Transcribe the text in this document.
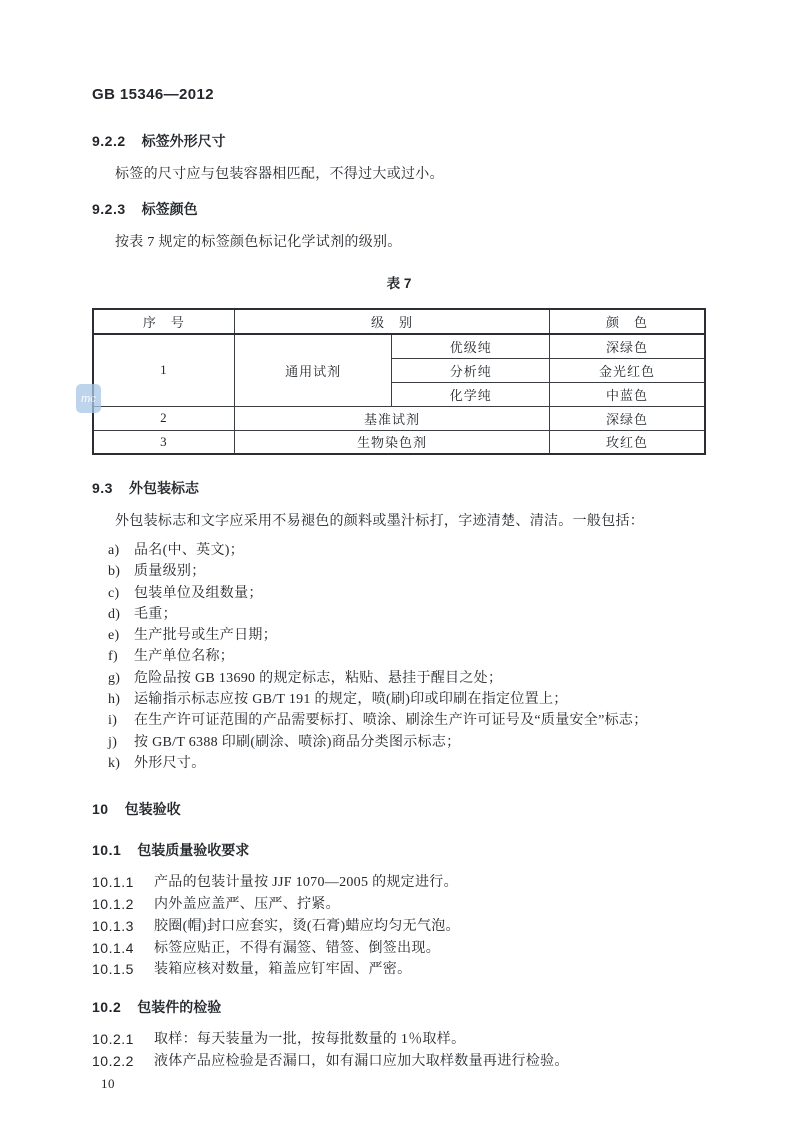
mc
GB 15346—2012
9.2.2 标签外形尺寸

标签的尺寸应与包装容器相匹配，不得过大或过小。

9.2.3 标签颜色

按表 7 规定的标签颜色标记化学试剂的级别。

表 7
序　号	级　别		颜　色
1	通用试剂	优级纯	深绿色
		分析纯	金光红色
		化学纯	中蓝色
2	基准试剂		深绿色
3	生物染色剂		玫红色
9.3 外包装标志

外包装标志和文字应采用不易褪色的颜料或墨汁标打，字迹清楚、清洁。一般包括：

a)	品名(中、英文)；
b) 质量级别；
c)	包装单位及组数量；
d) 毛重；
e)	生产批号或生产日期；
f)	生产单位名称；
g) 危险品按 GB 13690 的规定标志，粘贴、悬挂于醒目之处；
h) 运输指示标志应按 GB/T 191 的规定，喷(刷)印或印刷在指定位置上；
i)	在生产许可证范围的产品需要标打、喷涂、刷涂生产许可证号及“质量安全”标志；
j)	按 GB/T 6388 印刷(刷涂、喷涂)商品分类图示标志；
k) 外形尺寸。
10 包装验收
10.1 包装质量验收要求
10.1.1	产品的包装计量按 JJF 1070—2005 的规定进行。
10.1.2	内外盖应盖严、压严、拧紧。
10.1.3	胶圈(帽)封口应套实，烫(石膏)蜡应均匀无气泡。
10.1.4	标签应贴正，不得有漏签、错签、倒签出现。
10.1.5	装箱应核对数量，箱盖应钉牢固、严密。
10.2 包装件的检验
10.2.1	取样：每天装量为一批，按每批数量的 1％取样。
10.2.2	液体产品应检验是否漏口，如有漏口应加大取样数量再进行检验。
10
